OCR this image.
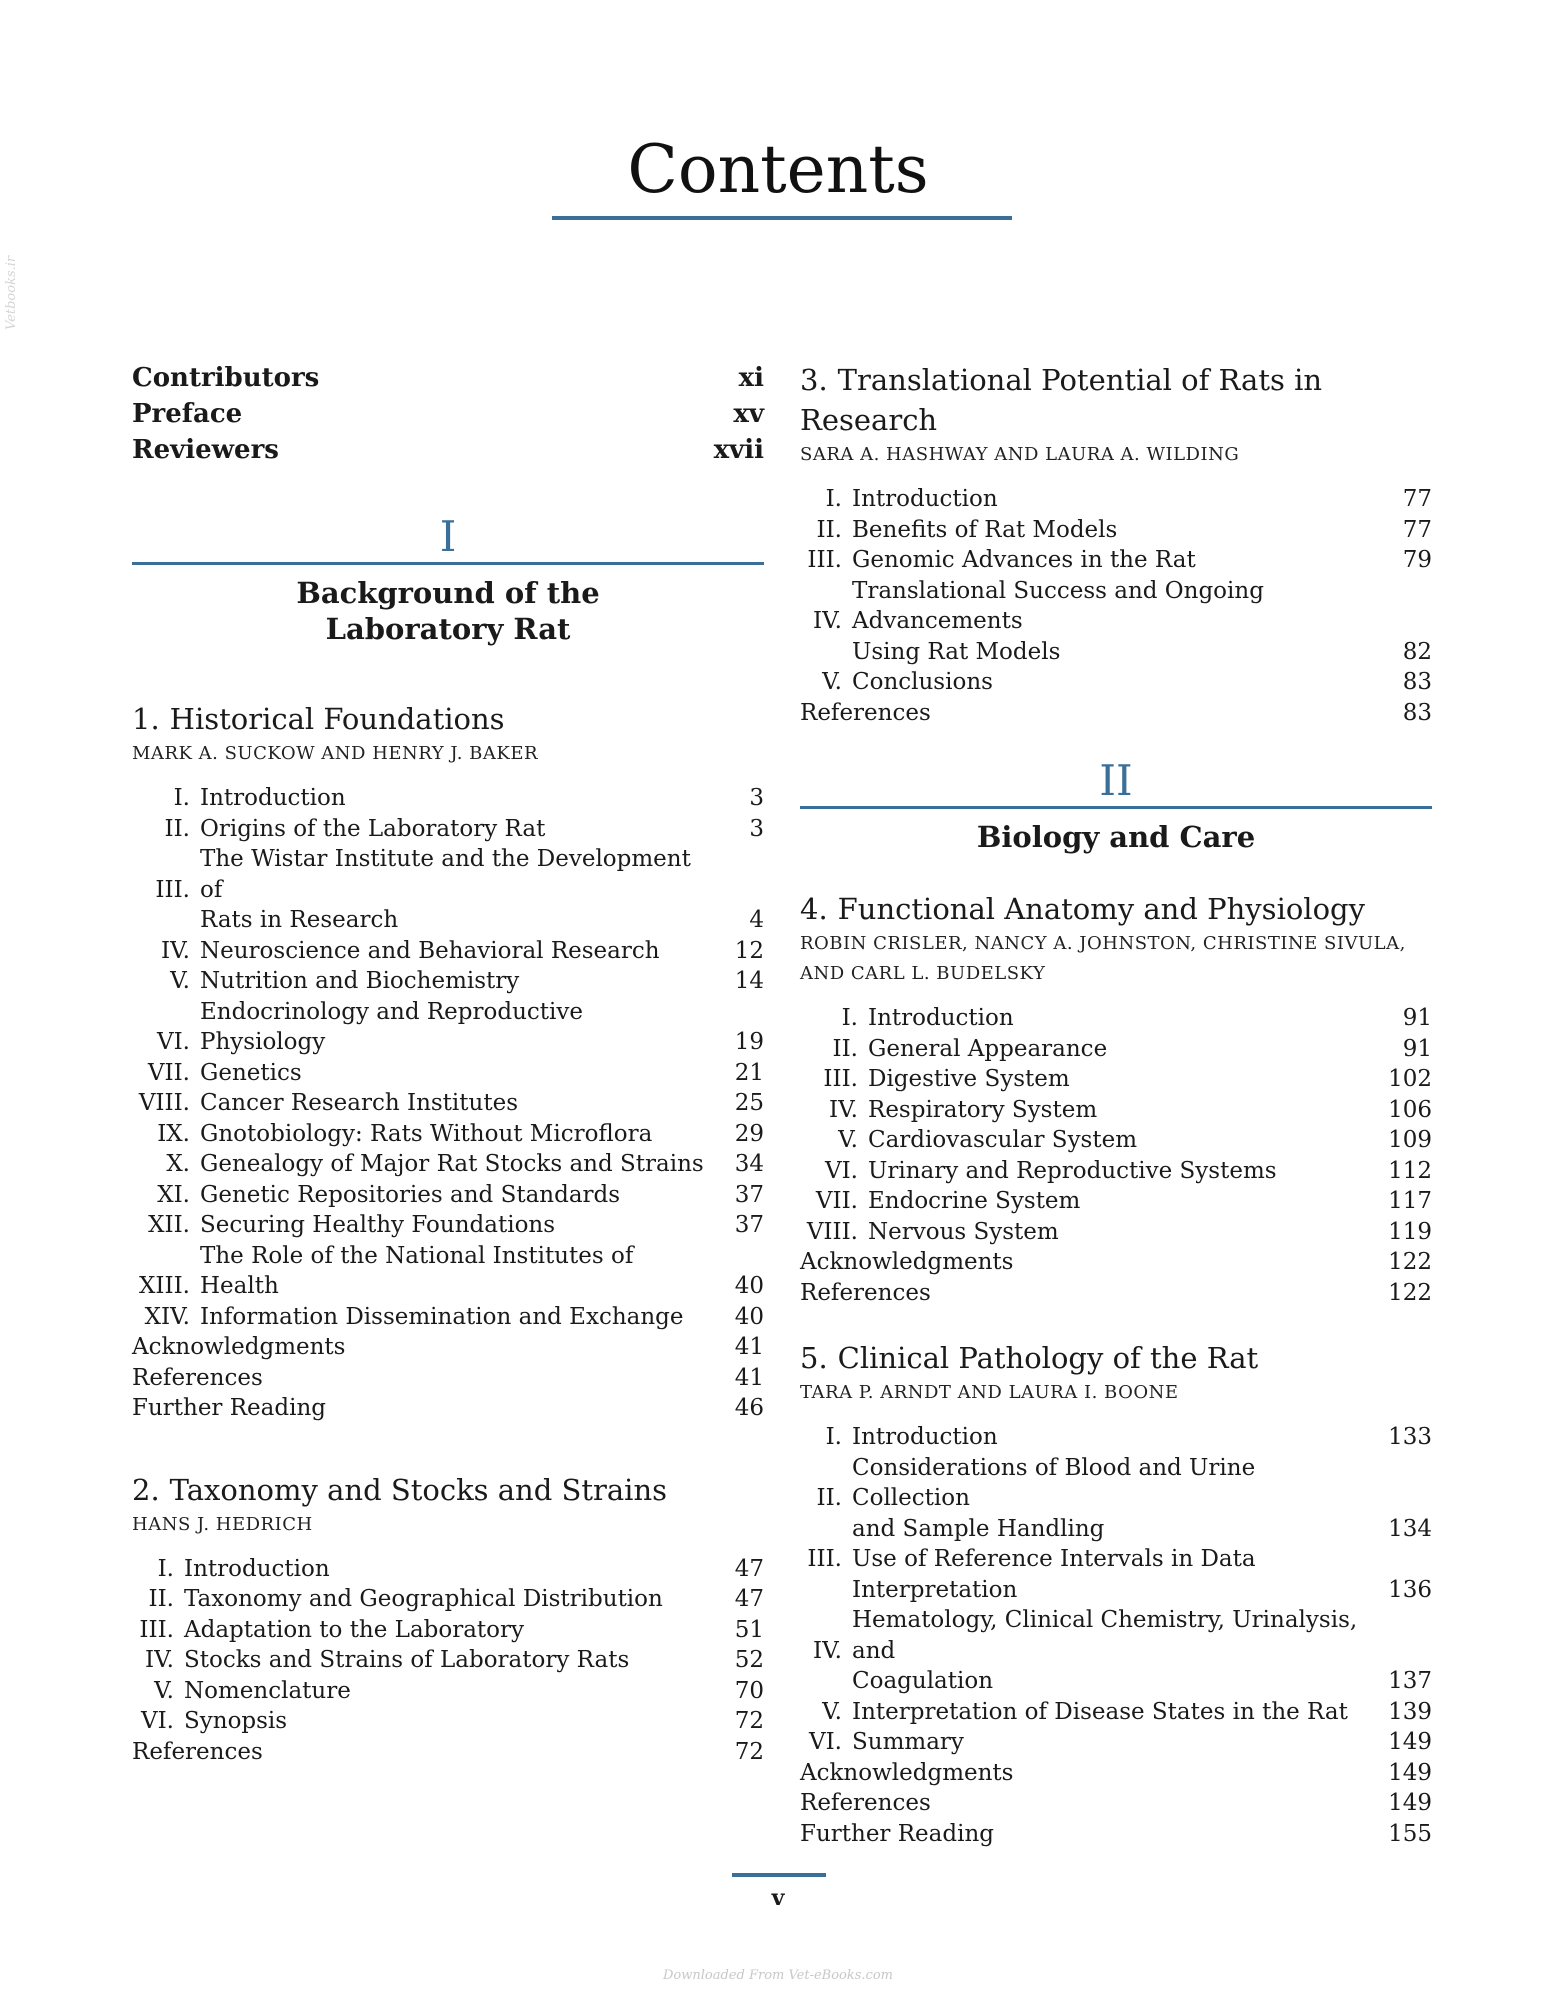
Contents
Contributors	xi
Preface	xv
Reviewers	xvii
I
Background of the
Laboratory Rat
1. Historical Foundations
MARK A. SUCKOW AND HENRY J. BAKER
I. Introduction	3
II. Origins of the Laboratory Rat	3
III.
The Wistar Institute and the Development of
Rats in Research	4
IV. Neuroscience and Behavioral Research	12
V. Nutrition and Biochemistry	14
VI.
Endocrinology and Reproductive Physiology	19
VII. Genetics	21
VIII. Cancer Research Institutes	25
IX. Gnotobiology: Rats Without Microflora	29
X. Genealogy of Major Rat Stocks and Strains	34
XI. Genetic Repositories and Standards	37
XII. Securing Healthy Foundations	37
XIII.
The Role of the National Institutes of Health	40
XIV. Information Dissemination and Exchange	40
Acknowledgments	41
References	41
Further Reading	46
2. Taxonomy and Stocks and Strains
HANS J. HEDRICH
I. Introduction	47
II. Taxonomy and Geographical Distribution	47
III. Adaptation to the Laboratory	51
IV. Stocks and Strains of Laboratory Rats	52
V. Nomenclature	70
VI. Synopsis	72
References	72
3. Translational Potential of Rats in Research
SARA A. HASHWAY AND LAURA A. WILDING
I. Introduction	77
II. Benefits of Rat Models	77
III. Genomic Advances in the Rat	79
IV.
Translational Success and Ongoing Advancements
Using Rat Models	82
V. Conclusions	83
References	83
II
Biology and Care
4. Functional Anatomy and Physiology
ROBIN CRISLER, NANCY A. JOHNSTON, CHRISTINE SIVULA, AND CARL L. BUDELSKY
I. Introduction	91
II. General Appearance	91
III. Digestive System	102
IV. Respiratory System	106
V. Cardiovascular System	109
VI. Urinary and Reproductive Systems	112
VII. Endocrine System	117
VIII. Nervous System	119
Acknowledgments	122
References	122
5. Clinical Pathology of the Rat
TARA P. ARNDT AND LAURA I. BOONE
I. Introduction	133
II.
Considerations of Blood and Urine Collection
and Sample Handling	134
III. Use of Reference Intervals in Data
Interpretation	136
IV.
Hematology, Clinical Chemistry, Urinalysis, and
Coagulation	137
V. Interpretation of Disease States in the Rat	139
VI. Summary	149
Acknowledgments	149
References	149
Further Reading	155
v
Downloaded From Vet-eBooks.com
Vetbooks.ir
